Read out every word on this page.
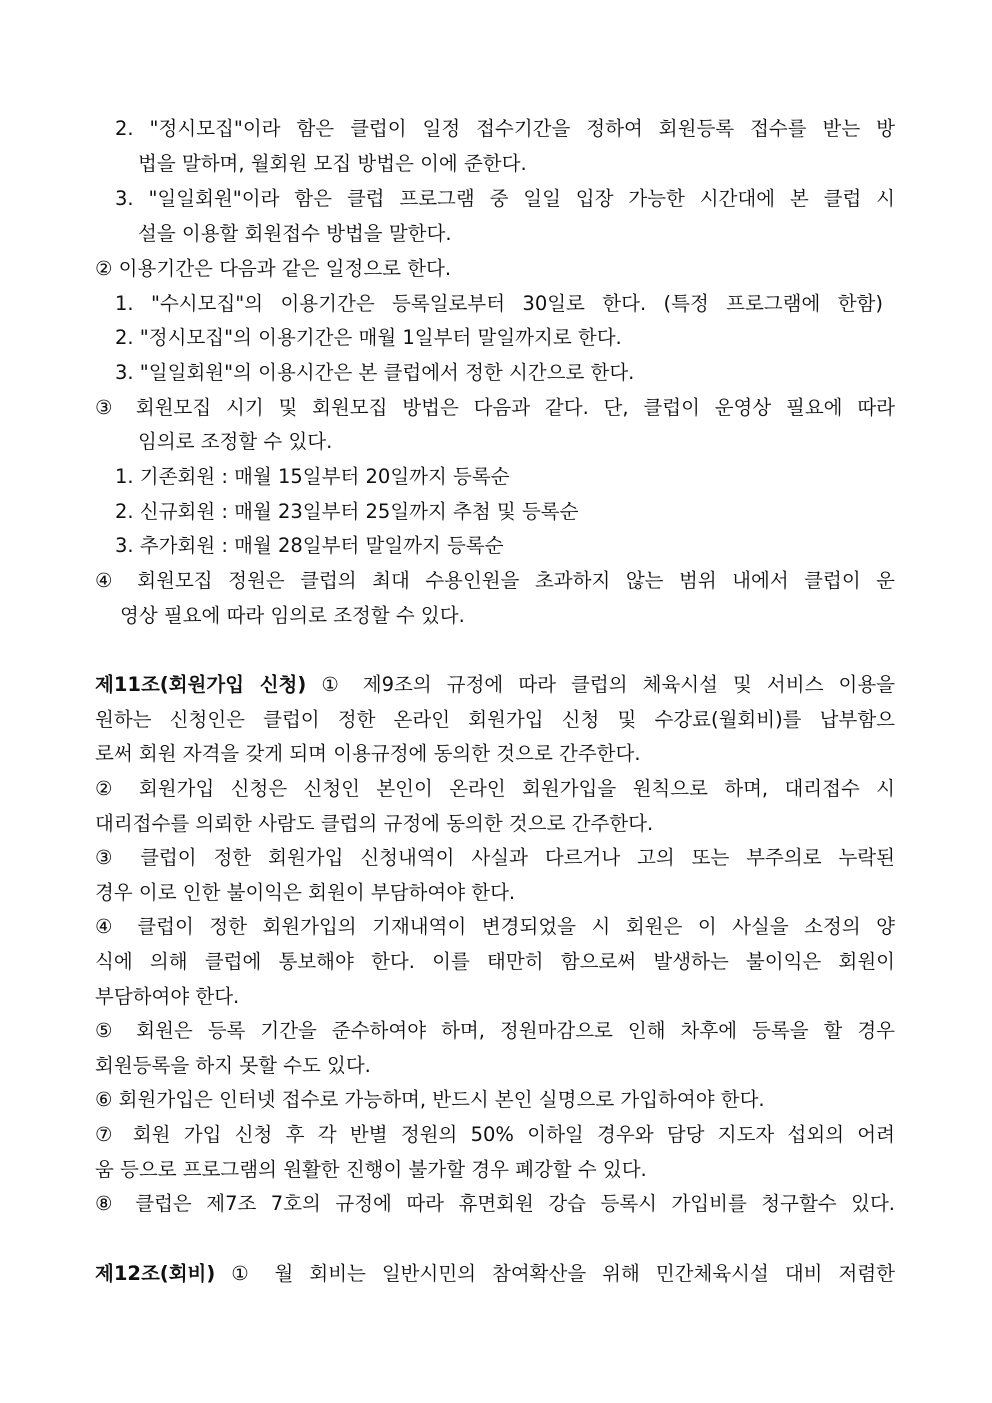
2. "정시모집"이라 함은 클럽이 일정 접수기간을 정하여 회원등록 접수를 받는 방
법을 말하며, 월회원 모집 방법은 이에 준한다.
3. "일일회원"이라 함은 클럽 프로그램 중 일일 입장 가능한 시간대에 본 클럽 시
설을 이용할 회원접수 방법을 말한다.
② 이용기간은 다음과 같은 일정으로 한다.
1. "수시모집"의 이용기간은 등록일로부터 30일로 한다. (특정 프로그램에 한함)
2. "정시모집"의 이용기간은 매월 1일부터 말일까지로 한다.
3. "일일회원"의 이용시간은 본 클럽에서 정한 시간으로 한다.
③ 회원모집 시기 및 회원모집 방법은 다음과 같다. 단, 클럽이 운영상 필요에 따라
임의로 조정할 수 있다.
1. 기존회원 : 매월 15일부터 20일까지 등록순
2. 신규회원 : 매월 23일부터 25일까지 추첨 및 등록순
3. 추가회원 : 매월 28일부터 말일까지 등록순
④ 회원모집 정원은 클럽의 최대 수용인원을 초과하지 않는 범위 내에서 클럽이 운
영상 필요에 따라 임의로 조정할 수 있다.
제11조(회원가입 신청) ① 제9조의 규정에 따라 클럽의 체육시설 및 서비스 이용을
원하는 신청인은 클럽이 정한 온라인 회원가입 신청 및 수강료(월회비)를 납부함으
로써 회원 자격을 갖게 되며 이용규정에 동의한 것으로 간주한다.
② 회원가입 신청은 신청인 본인이 온라인 회원가입을 원칙으로 하며, 대리접수 시
대리접수를 의뢰한 사람도 클럽의 규정에 동의한 것으로 간주한다.
③ 클럽이 정한 회원가입 신청내역이 사실과 다르거나 고의 또는 부주의로 누락된
경우 이로 인한 불이익은 회원이 부담하여야 한다.
④ 클럽이 정한 회원가입의 기재내역이 변경되었을 시 회원은 이 사실을 소정의 양
식에 의해 클럽에 통보해야 한다. 이를 태만히 함으로써 발생하는 불이익은 회원이
부담하여야 한다.
⑤ 회원은 등록 기간을 준수하여야 하며, 정원마감으로 인해 차후에 등록을 할 경우
회원등록을 하지 못할 수도 있다.
⑥ 회원가입은 인터넷 접수로 가능하며, 반드시 본인 실명으로 가입하여야 한다.
⑦ 회원 가입 신청 후 각 반별 정원의 50% 이하일 경우와 담당 지도자 섭외의 어려
움 등으로 프로그램의 원활한 진행이 불가할 경우 폐강할 수 있다.
⑧ 클럽은 제7조 7호의 규정에 따라 휴면회원 강습 등록시 가입비를 청구할수 있다.
제12조(회비) ① 월 회비는 일반시민의 참여확산을 위해 민간체육시설 대비 저렴한
